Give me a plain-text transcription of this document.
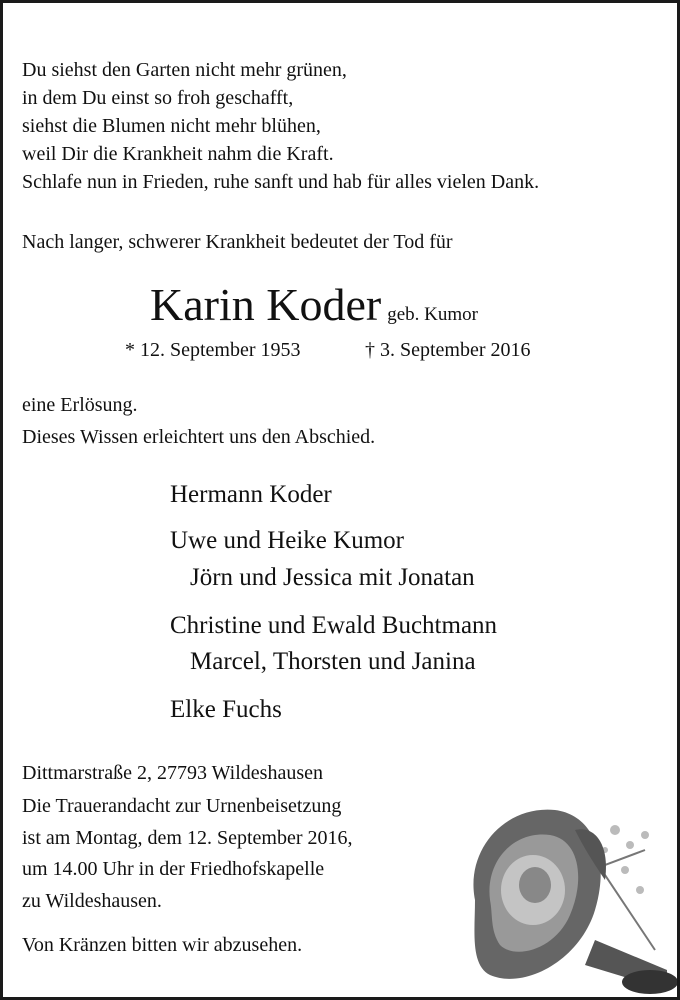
Du siehst den Garten nicht mehr grünen,
in dem Du einst so froh geschafft,
siehst die Blumen nicht mehr blühen,
weil Dir die Krankheit nahm die Kraft.
Schlafe nun in Frieden, ruhe sanft und hab für alles vielen Dank.
Nach langer, schwerer Krankheit bedeutet der Tod für
Karin Koder geb. Kumor
* 12. September 1953	† 3. September 2016
eine Erlösung.
Dieses Wissen erleichtert uns den Abschied.
Hermann Koder
Uwe und Heike Kumor
Jörn und Jessica mit Jonatan
Christine und Ewald Buchtmann
Marcel, Thorsten und Janina
Elke Fuchs
Dittmarstraße 2, 27793 Wildeshausen
Die Trauerandacht zur Urnenbeisetzung
ist am Montag, dem 12. September 2016,
um 14.00 Uhr in der Friedhofskapelle
zu Wildeshausen.
Von Kränzen bitten wir abzusehen.
